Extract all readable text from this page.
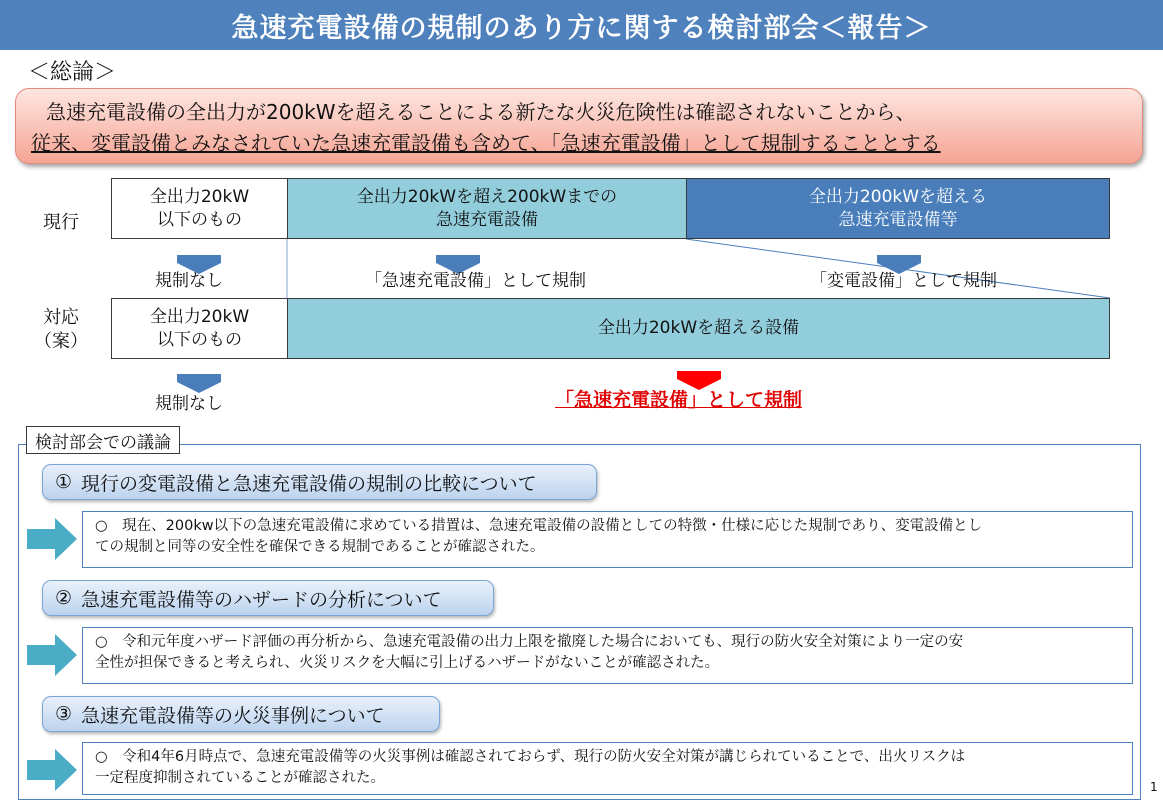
急速充電設備の規制のあり方に関する検討部会＜報告＞
＜総論＞
急速充電設備の全出力が200kWを超えることによる新たな火災危険性は確認されないことから、
従来、変電設備とみなされていた急速充電設備も含めて、「急速充電設備」として規制することとする
現行
対応
（案）
全出力20kW
以下のもの
全出力20kWを超え200kWまでの
急速充電設備
全出力200kWを超える
急速充電設備等
規制なし	「急速充電設備」として規制	「変電設備」として規制
全出力20kW
以下のもの
全出力20kWを超える設備
規制なし	「急速充電設備」として規制
検討部会での議論
① 現行の変電設備と急速充電設備の規制の比較について
○　現在、200kw以下の急速充電設備に求めている措置は、急速充電設備の設備としての特徴・仕様に応じた規制であり、変電設備とし
ての規制と同等の安全性を確保できる規制であることが確認された。
② 急速充電設備等のハザードの分析について
○　令和元年度ハザード評価の再分析から、急速充電設備の出力上限を撤廃した場合においても、現行の防火安全対策により一定の安
全性が担保できると考えられ、火災リスクを大幅に引上げるハザードがないことが確認された。
③ 急速充電設備等の火災事例について
○　令和4年6月時点で、急速充電設備等の火災事例は確認されておらず、現行の防火安全対策が講じられていることで、出火リスクは
一定程度抑制されていることが確認された。
1
